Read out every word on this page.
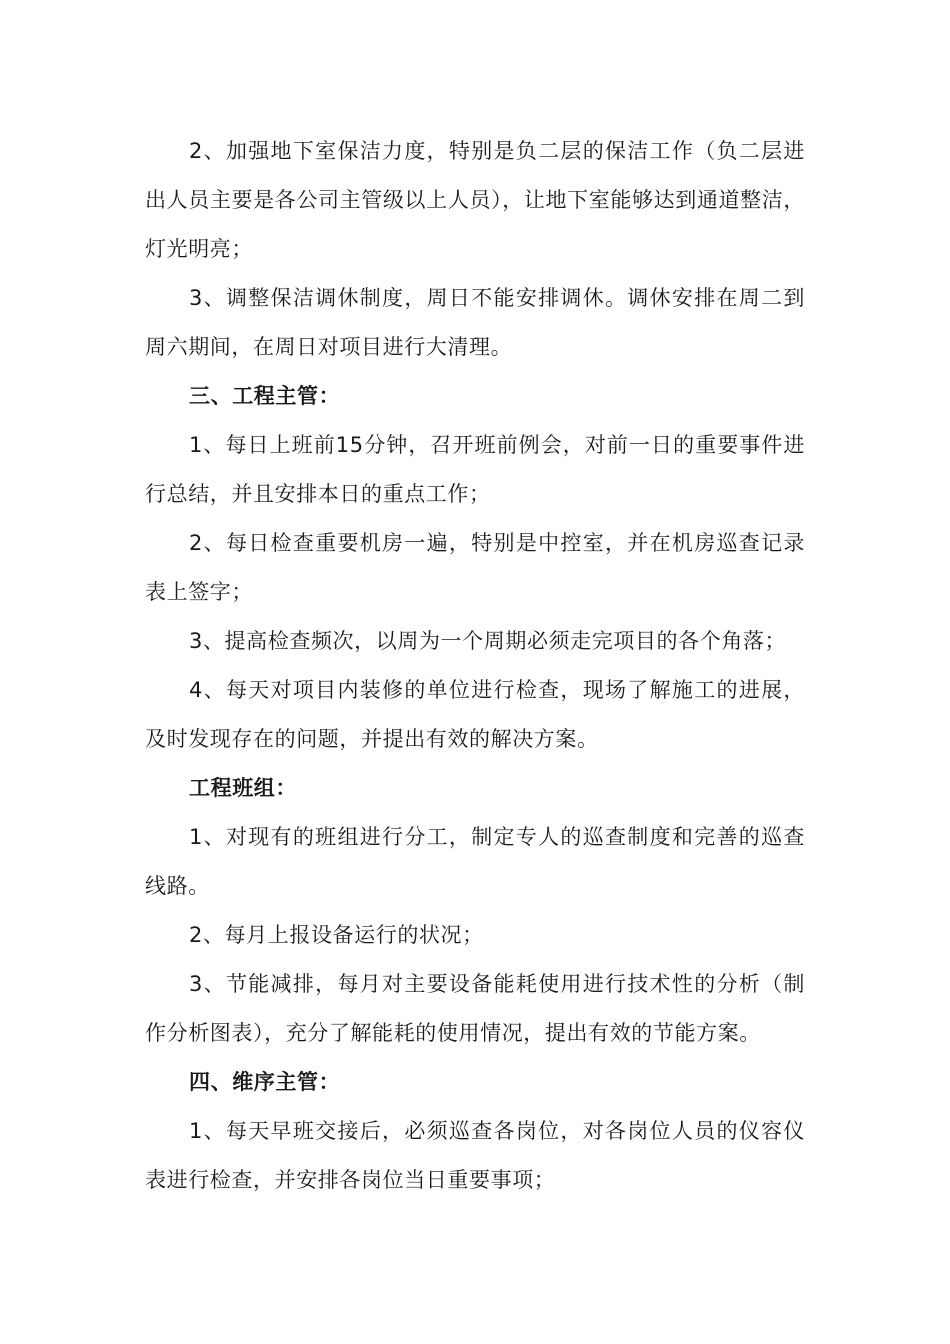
2、加强地下室保洁力度，特别是负二层的保洁工作（负二层进出人员主要是各公司主管级以上人员），让地下室能够达到通道整洁，灯光明亮；

3、调整保洁调休制度，周日不能安排调休。调休安排在周二到周六期间，在周日对项目进行大清理。

三、工程主管：

1、每日上班前15分钟，召开班前例会，对前一日的重要事件进行总结，并且安排本日的重点工作；

2、每日检查重要机房一遍，特别是中控室，并在机房巡查记录表上签字；

3、提高检查频次，以周为一个周期必须走完项目的各个角落；

4、每天对项目内装修的单位进行检查，现场了解施工的进展，及时发现存在的问题，并提出有效的解决方案。

工程班组：

1、对现有的班组进行分工，制定专人的巡查制度和完善的巡查线路。

2、每月上报设备运行的状况；

3、节能减排，每月对主要设备能耗使用进行技术性的分析（制作分析图表），充分了解能耗的使用情况，提出有效的节能方案。

四、维序主管：

1、每天早班交接后，必须巡查各岗位，对各岗位人员的仪容仪表进行检查，并安排各岗位当日重要事项；
